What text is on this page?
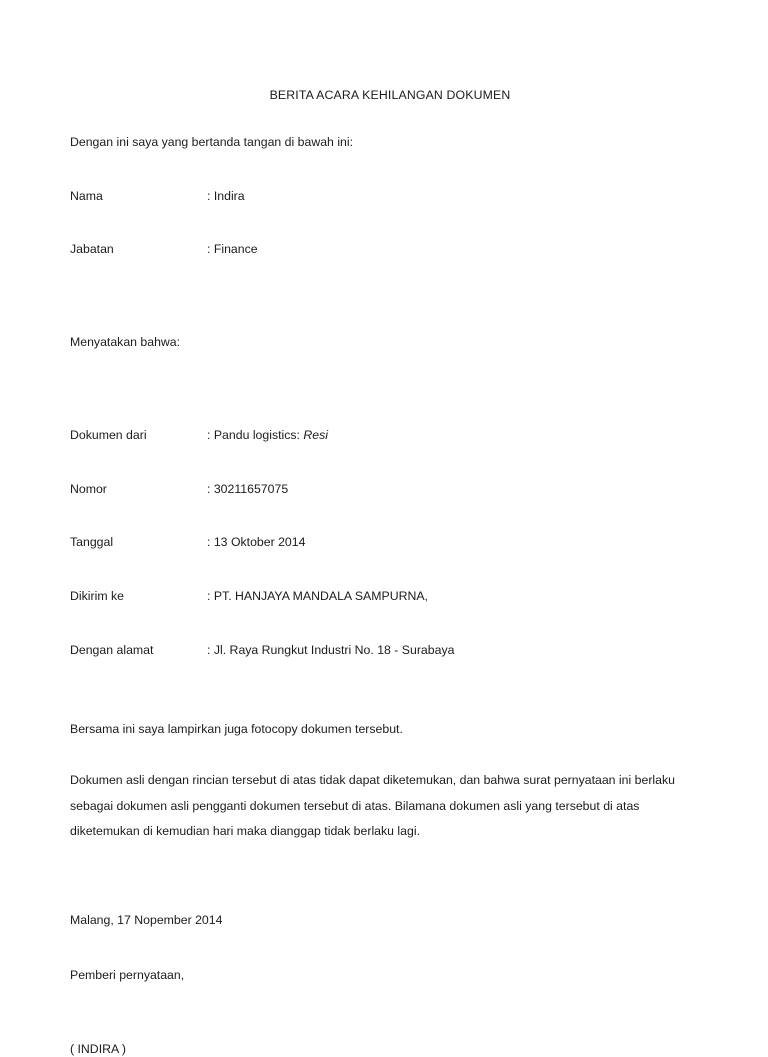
BERITA ACARA KEHILANGAN DOKUMEN
Dengan ini saya yang bertanda tangan di bawah ini:
Nama	: Indira

Jabatan	: Finance
Menyatakan bahwa:
Dokumen dari	: Pandu logistics: Resi

Nomor	: 30211657075

Tanggal	: 13 Oktober 2014

Dikirim ke	: PT. HANJAYA MANDALA SAMPURNA,

Dengan alamat	: Jl. Raya Rungkut Industri No. 18 - Surabaya
Bersama ini saya lampirkan juga fotocopy dokumen tersebut.
Dokumen asli dengan rincian tersebut di atas tidak dapat diketemukan, dan bahwa surat pernyataan ini berlaku sebagai dokumen asli pengganti dokumen tersebut di atas. Bilamana dokumen asli yang tersebut di atas diketemukan di kemudian hari maka dianggap tidak berlaku lagi.
Malang, 17 Nopember 2014
Pemberi pernyataan,
( INDIRA )
